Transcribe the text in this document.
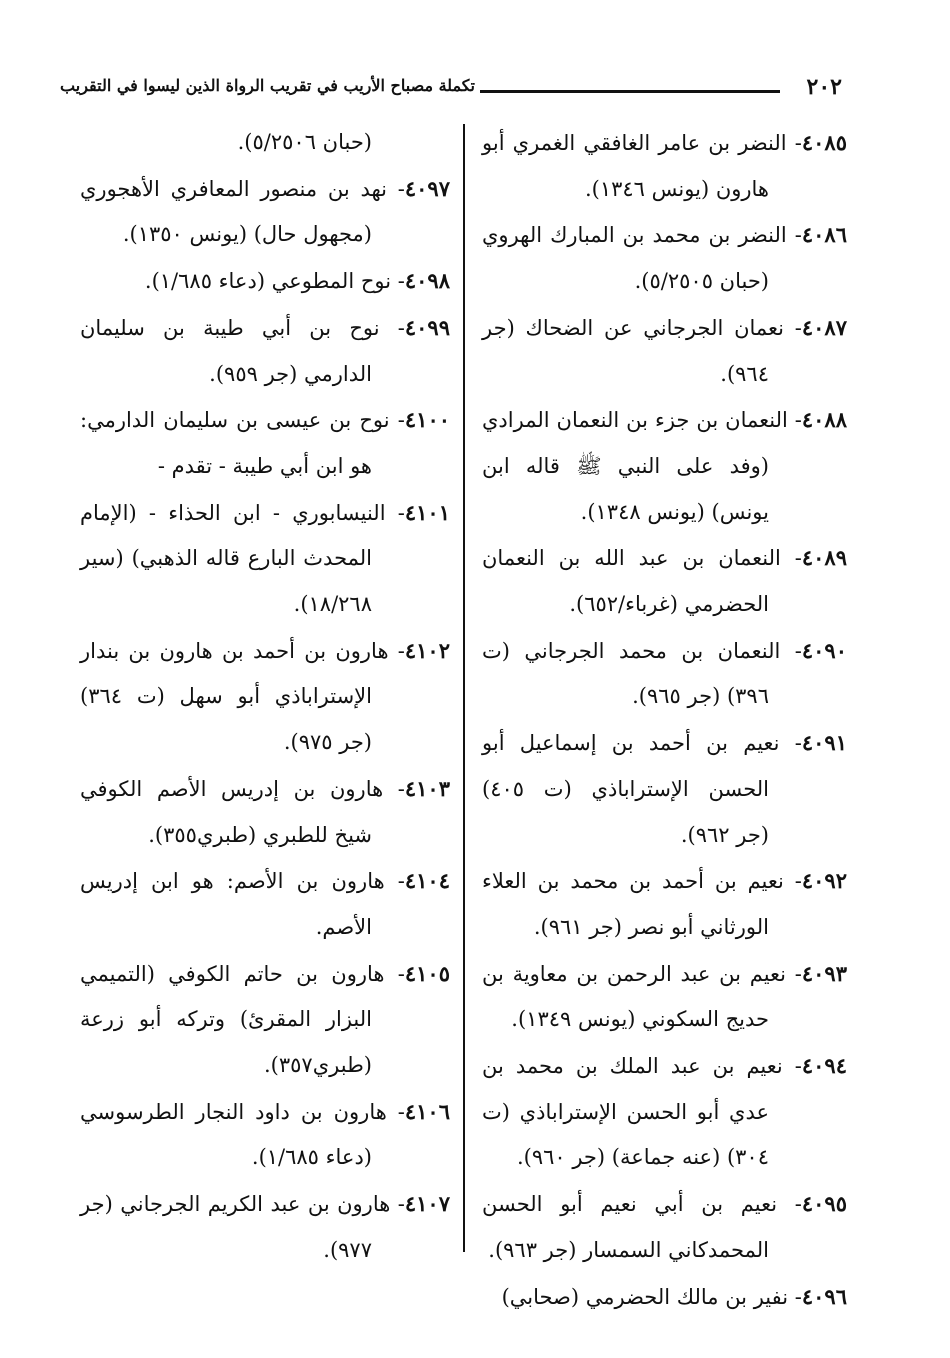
٢٠٢
تكملة مصباح الأريب في تقريب الرواة الذين ليسوا في التقريب
٤٠٨٥- النضر بن عامر الغافقي الغمري أبو هارون (يونس ١٣٤٦).
٤٠٨٦- النضر بن محمد بن المبارك الهروي (حبان ٥/٢٥٠٥).
٤٠٨٧- نعمان الجرجاني عن الضحاك (جر ٩٦٤).
٤٠٨٨- النعمان بن جزء بن النعمان المرادي (وفد على النبي ﷺ قاله ابن يونس) (يونس ١٣٤٨).
٤٠٨٩- النعمان بن عبد الله بن النعمان الحضرمي (غرباء/٦٥٢).
٤٠٩٠- النعمان بن محمد الجرجاني (ت ٣٩٦) (جر ٩٦٥).
٤٠٩١- نعيم بن أحمد بن إسماعيل أبو الحسن الإستراباذي (ت ٤٠٥) (جر ٩٦٢).
٤٠٩٢- نعيم بن أحمد بن محمد بن العلاء الورثاني أبو نصر (جر ٩٦١).
٤٠٩٣- نعيم بن عبد الرحمن بن معاوية بن حديج السكوني (يونس ١٣٤٩).
٤٠٩٤- نعيم بن عبد الملك بن محمد بن عدي أبو الحسن الإستراباذي (ت ٣٠٤) (عنه جماعة) (جر ٩٦٠).
٤٠٩٥- نعيم بن أبي نعيم أبو الحسن المحمدكاني السمسار (جر ٩٦٣).
٤٠٩٦- نفير بن مالك الحضرمي (صحابي)
(حبان ٥/٢٥٠٦).
٤٠٩٧- نهد بن منصور المعافري الأهجوري (مجهول حال) (يونس ١٣٥٠).
٤٠٩٨- نوح المطوعي (دعاء ١/٦٨٥).
٤٠٩٩- نوح بن أبي طيبة بن سليمان الدارمي (جر ٩٥٩).
٤١٠٠- نوح بن عيسى بن سليمان الدارمي: هو ابن أبي طيبة - تقدم -
٤١٠١- النيسابوري - ابن الحذاء - (الإمام المحدث البارع قاله الذهبي) (سير ١٨/٢٦٨).
٤١٠٢- هارون بن أحمد بن هارون بن بندار الإستراباذي أبو سهل (ت ٣٦٤) (جر ٩٧٥).
٤١٠٣- هارون بن إدريس الأصم الكوفي شيخ للطبري (طبري٣٥٥).
٤١٠٤- هارون بن الأصم: هو ابن إدريس الأصم.
٤١٠٥- هارون بن حاتم الكوفي (التميمي البزار المقرئ) وتركه أبو زرعة (طبري٣٥٧).
٤١٠٦- هارون بن داود النجار الطرسوسي (دعاء ١/٦٨٥).
٤١٠٧- هارون بن عبد الكريم الجرجاني (جر ٩٧٧).
